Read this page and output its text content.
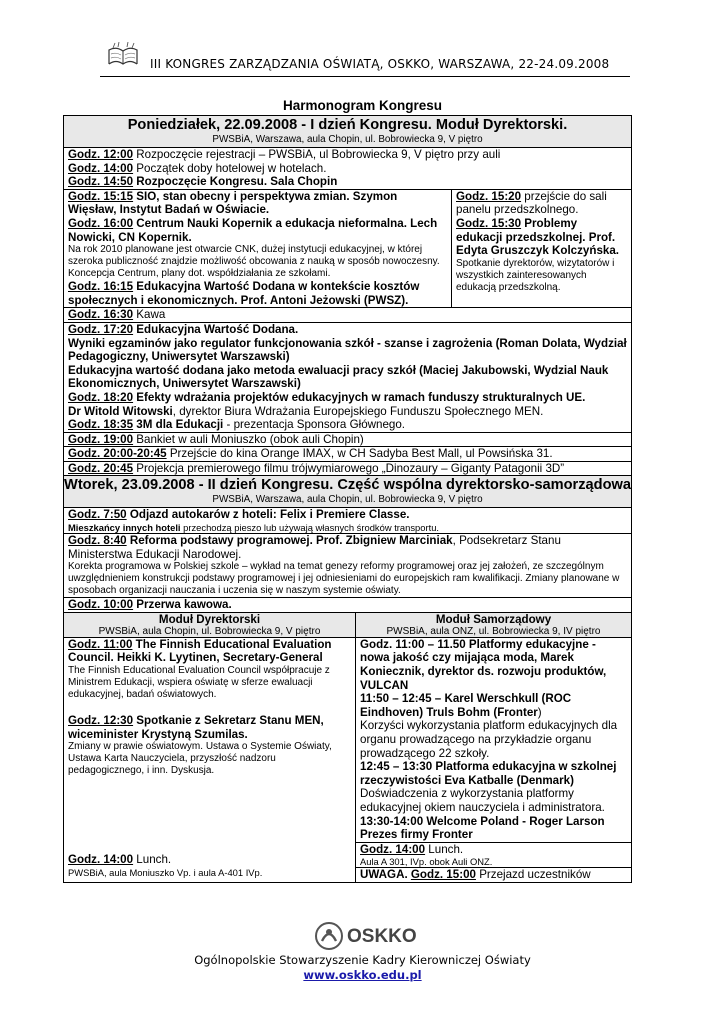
III KONGRES ZARZĄDZANIA OŚWIATĄ, OSKKO, WARSZAWA, 22-24.09.2008
Harmonogram Kongresu
Poniedziałek, 22.09.2008 - I dzień Kongresu. Moduł Dyrektorski.
PWSBiA, Warszawa, aula Chopin, ul. Bobrowiecka 9, V piętro
Godz. 12:00 Rozpoczęcie rejestracji – PWSBiA, ul Bobrowiecka 9, V piętro przy auli
Godz. 14:00 Początek doby hotelowej w hotelach.
Godz. 14:50 Rozpoczęcie Kongresu. Sala Chopin
Godz. 15:15 SIO, stan obecny i perspektywa zmian. Szymon Więsław, Instytut Badań w Oświacie.
Godz. 16:00 Centrum Nauki Kopernik a edukacja nieformalna. Lech Nowicki, CN Kopernik.
Na rok 2010 planowane jest otwarcie CNK, dużej instytucji edukacyjnej, w której szeroka publiczność znajdzie możliwość obcowania z nauką w sposób nowoczesny. Koncepcja Centrum, plany dot. współdziałania ze szkołami.
Godz. 16:15 Edukacyjna Wartość Dodana w kontekście kosztów społecznych i ekonomicznych. Prof. Antoni Jeżowski (PWSZ).
Godz. 15:20 przejście do sali panelu przedszkolnego.
Godz. 15:30 Problemy edukacji przedszkolnej. Prof. Edyta Gruszczyk Kolczyńska.
Spotkanie dyrektorów, wizytatorów i wszystkich zainteresowanych edukacją przedszkolną.
Godz. 16:30 Kawa
Godz. 17:20 Edukacyjna Wartość Dodana.
Wyniki egzaminów jako regulator funkcjonowania szkół - szanse i zagrożenia (Roman Dolata, Wydział Pedagogiczny, Uniwersytet Warszawski)
Edukacyjna wartość dodana jako metoda ewaluacji pracy szkół (Maciej Jakubowski, Wydzial Nauk Ekonomicznych, Uniwersytet Warszawski)
Godz. 18:20 Efekty wdrażania projektów edukacyjnych w ramach funduszy strukturalnych UE.
Dr Witold Witowski, dyrektor Biura Wdrażania Europejskiego Funduszu Społecznego MEN.
Godz. 18:35 3M dla Edukacji - prezentacja Sponsora Głównego.
Godz. 19:00 Bankiet w auli Moniuszko (obok auli Chopin)
Godz. 20:00-20:45 Przejście do kina Orange IMAX, w CH Sadyba Best Mall, ul Powsińska 31.
Godz. 20:45 Projekcja premierowego filmu trójwymiarowego „Dinozaury – Giganty Patagonii 3D”
Wtorek, 23.09.2008 - II dzień Kongresu. Część wspólna dyrektorsko-samorządowa
PWSBiA, Warszawa, aula Chopin, ul. Bobrowiecka 9, V piętro
Godz. 7:50 Odjazd autokarów z hoteli: Felix i Premiere Classe.
Mieszkańcy innych hoteli przechodzą pieszo lub używają własnych środków transportu.
Godz. 8:40 Reforma podstawy programowej. Prof. Zbigniew Marciniak, Podsekretarz Stanu Ministerstwa Edukacji Narodowej.
Korekta programowa w Polskiej szkole – wykład na temat genezy reformy programowej oraz jej założeń, ze szczególnym uwzględnieniem konstrukcji podstawy programowej i jej odniesieniami do europejskich ram kwalifikacji. Zmiany planowane w sposobach organizacji nauczania i uczenia się w naszym systemie oświaty.
Godz. 10:00 Przerwa kawowa.
Moduł Dyrektorski
PWSBiA, aula Chopin, ul. Bobrowiecka 9, V piętro
Godz. 11:00 The Finnish Educational Evaluation Council. Heikki K. Lyytinen, Secretary-General
The Finnish Educational Evaluation Council współpracuje z Ministrem Edukacji, wspiera oświatę w sferze ewaluacji edukacyjnej, badań oświatowych.
Godz. 12:30 Spotkanie z Sekretarz Stanu MEN, wiceminister Krystyną Szumilas.
Zmiany w prawie oświatowym. Ustawa o Systemie Oświaty, Ustawa Karta Nauczyciela, przyszłość nadzoru pedagogicznego, i inn. Dyskusja.
Godz. 14:00 Lunch.
PWSBiA, aula Moniuszko Vp. i aula A-401 IVp.
Moduł Samorządowy
PWSBiA, aula ONZ, ul. Bobrowiecka 9, IV piętro
Godz. 11:00 – 11.50 Platformy edukacyjne - nowa jakość czy mijająca moda, Marek Koniecznik, dyrektor ds. rozwoju produktów, VULCAN
11:50 – 12:45 – Karel Werschkull (ROC Eindhoven) Truls Bohm (Fronter)
Korzyści wykorzystania platform edukacyjnych dla organu prowadzącego na przykładzie organu prowadzącego 22 szkoły.
12:45 – 13:30 Platforma edukacyjna w szkolnej rzeczywistości Eva Katballe (Denmark)
Doświadczenia z wykorzystania platformy edukacyjnej okiem nauczyciela i administratora.
13:30-14:00 Welcome Poland - Roger Larson Prezes firmy Fronter
Godz. 14:00 Lunch.
Aula A 301, IVp. obok Auli ONZ.
UWAGA. Godz. 15:00 Przejazd uczestników
OSKKO
Ogólnopolskie Stowarzyszenie Kadry Kierowniczej Oświaty
www.oskko.edu.pl
